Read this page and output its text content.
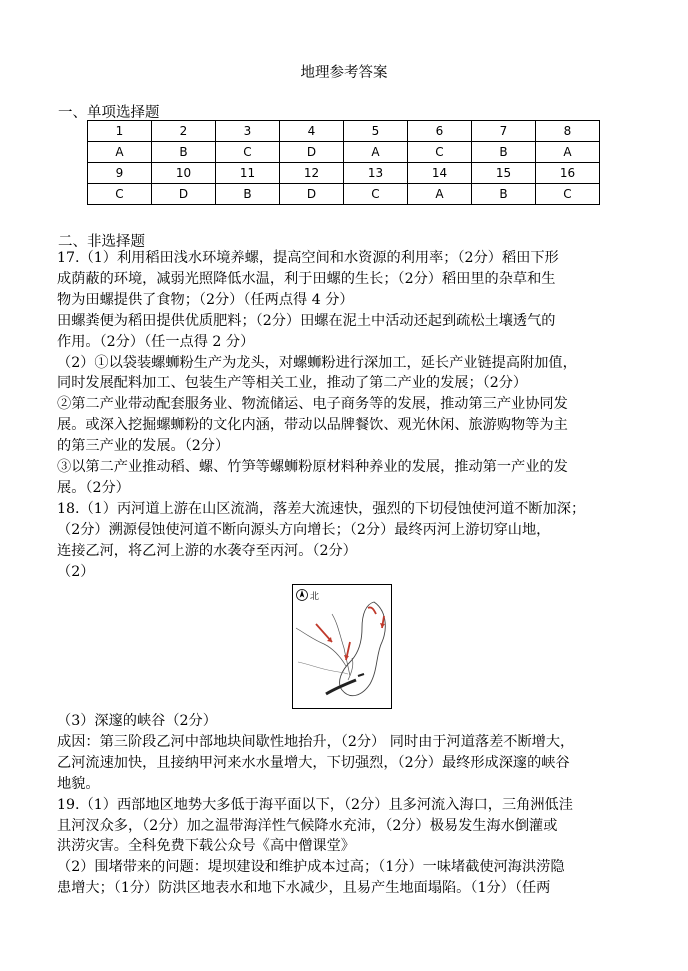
地理参考答案
一、单项选择题
1	2	3	4	5	6	7	8
A	B	C	D	A	C	B	A
9	10	11	12	13	14	15	16
C	D	B	D	C	A	B	C
二、非选择题
17.（1）利用稻田浅水环境养螺，提高空间和水资源的利用率；（2分）稻田下形
成荫蔽的环境，减弱光照降低水温，利于田螺的生长；（2分）稻田里的杂草和生
物为田螺提供了食物；（2分）（任两点得 4 分）
田螺粪便为稻田提供优质肥料；（2分）田螺在泥土中活动还起到疏松土壤透气的
作用。（2分）（任一点得 2 分）
（2）①以袋装螺蛳粉生产为龙头，对螺蛳粉进行深加工，延长产业链提高附加值，
同时发展配料加工、包装生产等相关工业，推动了第二产业的发展；（2分）
②第二产业带动配套服务业、物流储运、电子商务等的发展，推动第三产业协同发
展。或深入挖掘螺蛳粉的文化内涵，带动以品牌餐饮、观光休闲、旅游购物等为主
的第三产业的发展。（2分）
③以第二产业推动稻、螺、竹笋等螺蛳粉原材料种养业的发展，推动第一产业的发
展。（2分）
18.（1）丙河道上游在山区流淌，落差大流速快，强烈的下切侵蚀使河道不断加深；
（2分）溯源侵蚀使河道不断向源头方向增长；（2分）最终丙河上游切穿山地，
连接乙河，将乙河上游的水袭夺至丙河。（2分）
（2）
北
（3）深邃的峡谷（2分）
成因：第三阶段乙河中部地块间歇性地抬升，（2分） 同时由于河道落差不断增大，
乙河流速加快，且接纳甲河来水水量增大，下切强烈，（2分）最终形成深邃的峡谷
地貌。
19.（1）西部地区地势大多低于海平面以下，（2分）且多河流入海口，三角洲低洼
且河汊众多，（2分）加之温带海洋性气候降水充沛，（2分）极易发生海水倒灌或
洪涝灾害。全科免费下载公众号《高中僧课堂》
（2）围堵带来的问题：堤坝建设和维护成本过高；（1分）一味堵截使河海洪涝隐
患增大；（1分）防洪区地表水和地下水减少，且易产生地面塌陷。（1分）（任两
